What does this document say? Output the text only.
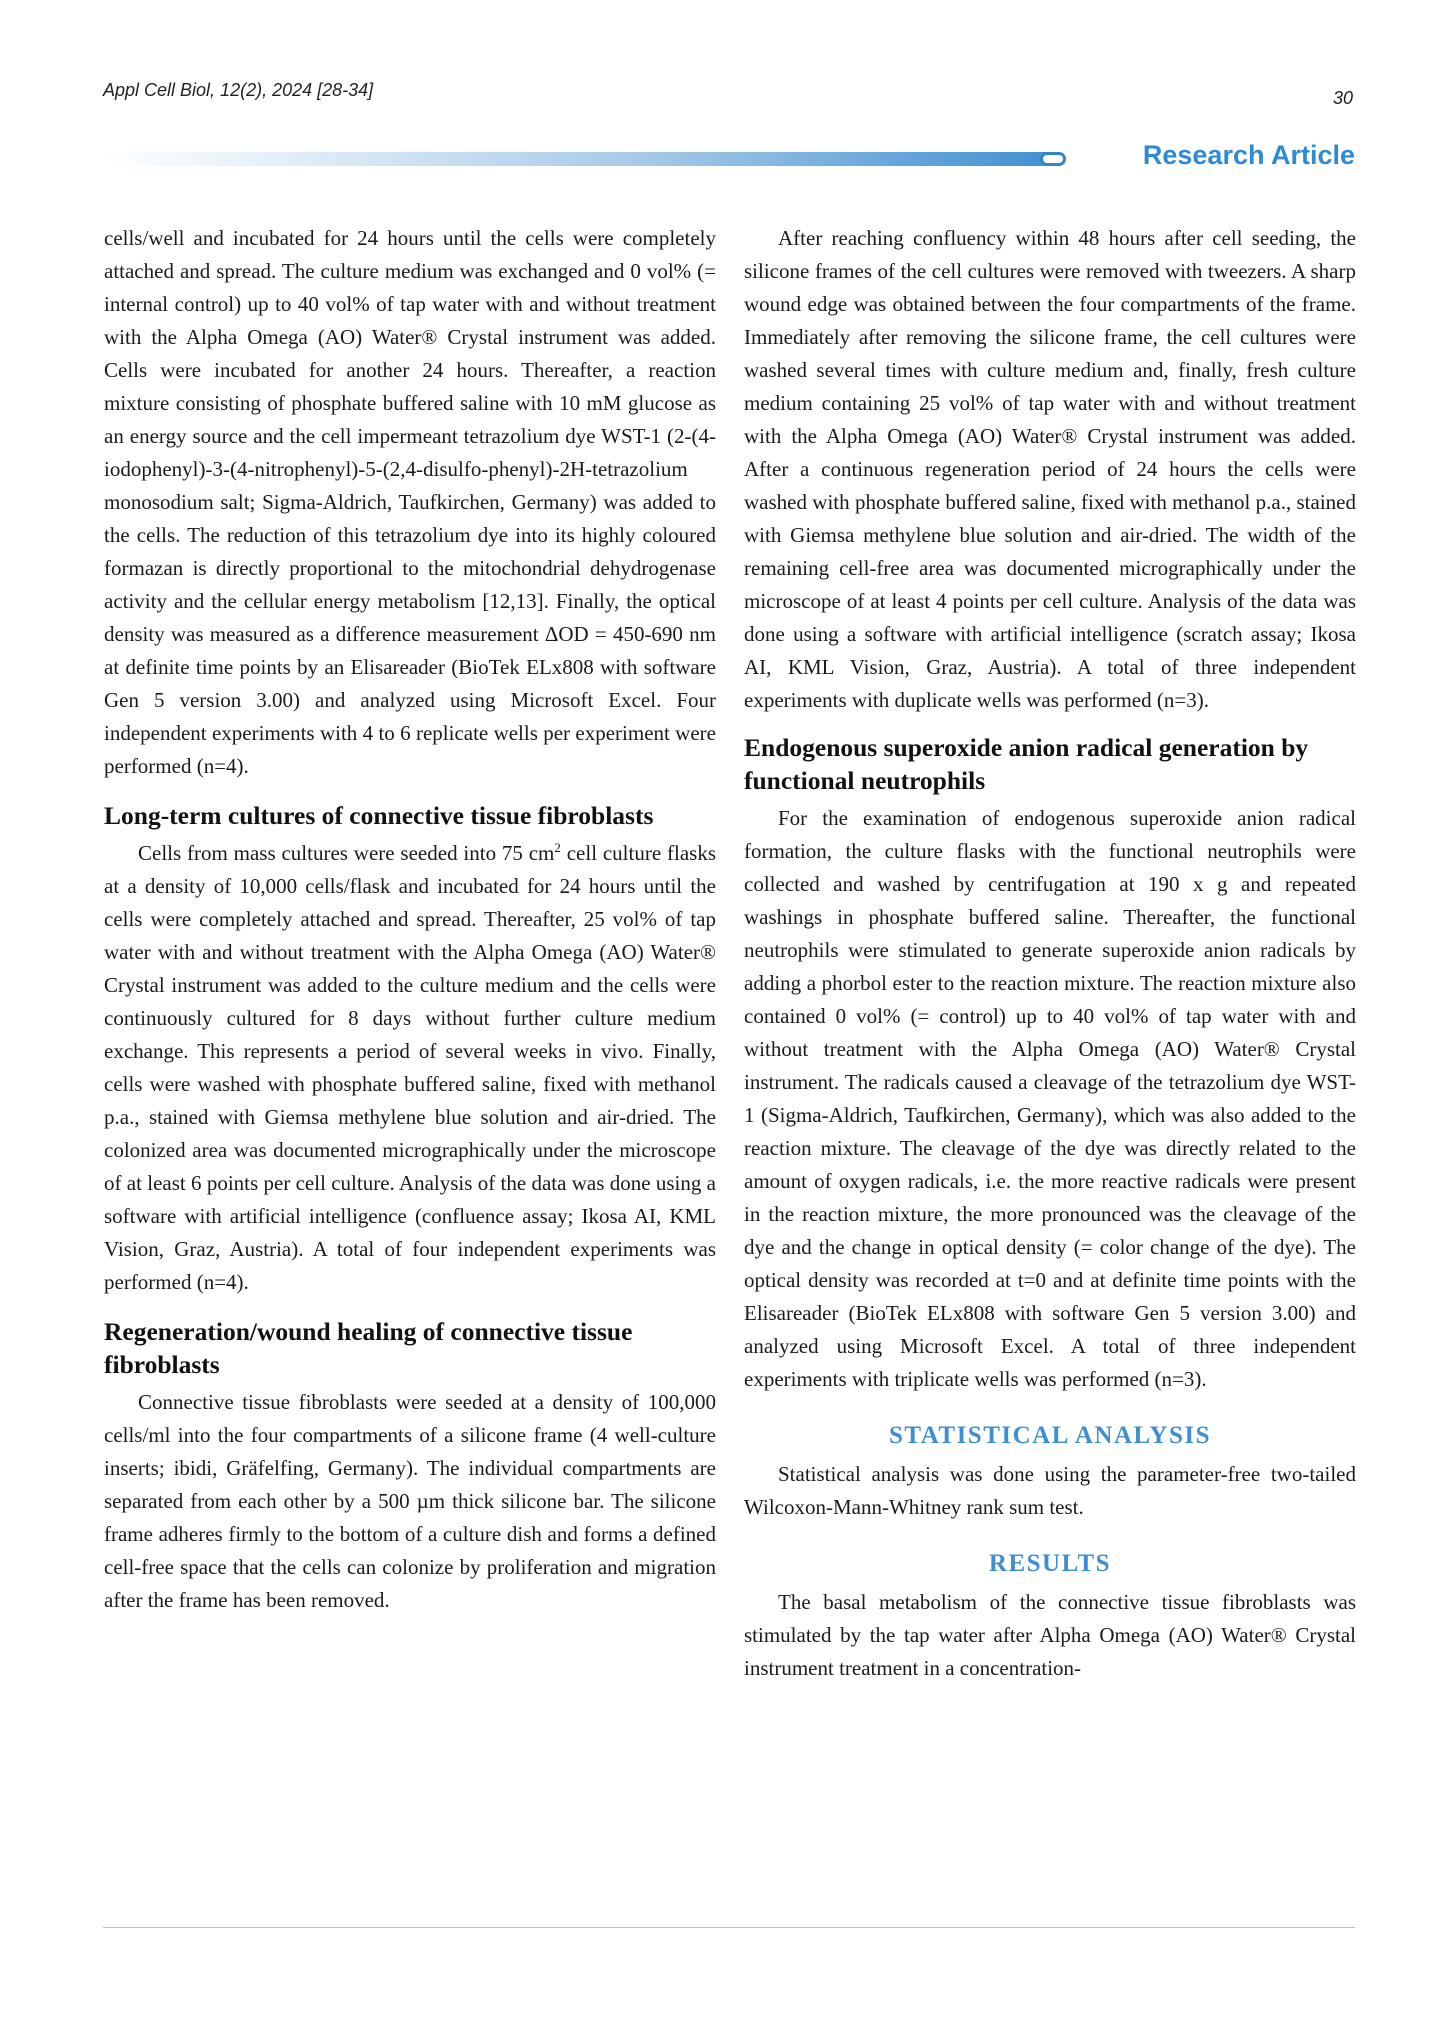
Appl Cell Biol, 12(2), 2024 [28-34]	30
Research Article

cells/well and incubated for 24 hours until the cells were completely attached and spread. The culture medium was exchanged and 0 vol% (= internal control) up to 40 vol% of tap water with and without treatment with the Alpha Omega (AO) Water® Crystal instrument was added. Cells were incubated for another 24 hours. Thereafter, a reaction mixture consisting of phosphate buffered saline with 10 mM glucose as an energy source and the cell impermeant tetrazolium dye WST-1 (2-(4-iodophenyl)-3-(4-nitrophenyl)-5-(2,4-disulfo-phenyl)-2H-tetrazolium monosodium salt; Sigma-Aldrich, Taufkirchen, Germany) was added to the cells. The reduction of this tetrazolium dye into its highly coloured formazan is directly proportional to the mitochondrial dehydrogenase activity and the cellular energy metabolism [12,13]. Finally, the optical density was measured as a difference measurement ΔOD = 450-690 nm at definite time points by an Elisareader (BioTek ELx808 with software Gen 5 version 3.00) and analyzed using Microsoft Excel. Four independent experiments with 4 to 6 replicate wells per experiment were performed (n=4).

Long-term cultures of connective tissue fibroblasts

Cells from mass cultures were seeded into 75 $cm^2$ cell culture flasks at a density of 10,000 cells/flask and incubated for 24 hours until the cells were completely attached and spread. Thereafter, 25 vol% of tap water with and without treatment with the Alpha Omega (AO) Water® Crystal instrument was added to the culture medium and the cells were continuously cultured for 8 days without further culture medium exchange. This represents a period of several weeks in vivo. Finally, cells were washed with phosphate buffered saline, fixed with methanol p.a., stained with Giemsa methylene blue solution and air-dried. The colonized area was documented micrographically under the microscope of at least 6 points per cell culture. Analysis of the data was done using a software with artificial intelligence (confluence assay; Ikosa AI, KML Vision, Graz, Austria). A total of four independent experiments was performed (n=4).

Regeneration/wound healing of connective tissue fibroblasts

Connective tissue fibroblasts were seeded at a density of 100,000 cells/ml into the four compartments of a silicone frame (4 well-culture inserts; ibidi, Gräfelfing, Germany). The individual compartments are separated from each other by a 500 µm thick silicone bar. The silicone frame adheres firmly to the bottom of a culture dish and forms a defined cell-free space that the cells can colonize by proliferation and migration after the frame has been removed.

After reaching confluency within 48 hours after cell seeding, the silicone frames of the cell cultures were removed with tweezers. A sharp wound edge was obtained between the four compartments of the frame. Immediately after removing the silicone frame, the cell cultures were washed several times with culture medium and, finally, fresh culture medium containing 25 vol% of tap water with and without treatment with the Alpha Omega (AO) Water® Crystal instrument was added. After a continuous regeneration period of 24 hours the cells were washed with phosphate buffered saline, fixed with methanol p.a., stained with Giemsa methylene blue solution and air-dried. The width of the remaining cell-free area was documented micrographically under the microscope of at least 4 points per cell culture. Analysis of the data was done using a software with artificial intelligence (scratch assay; Ikosa AI, KML Vision, Graz, Austria). A total of three independent experiments with duplicate wells was performed (n=3).

Endogenous superoxide anion radical generation by functional neutrophils

For the examination of endogenous superoxide anion radical formation, the culture flasks with the functional neutrophils were collected and washed by centrifugation at 190 x g and repeated washings in phosphate buffered saline. Thereafter, the functional neutrophils were stimulated to generate superoxide anion radicals by adding a phorbol ester to the reaction mixture. The reaction mixture also contained 0 vol% (= control) up to 40 vol% of tap water with and without treatment with the Alpha Omega (AO) Water® Crystal instrument. The radicals caused a cleavage of the tetrazolium dye WST-1 (Sigma-Aldrich, Taufkirchen, Germany), which was also added to the reaction mixture. The cleavage of the dye was directly related to the amount of oxygen radicals, i.e. the more reactive radicals were present in the reaction mixture, the more pronounced was the cleavage of the dye and the change in optical density (= color change of the dye). The optical density was recorded at t=0 and at definite time points with the Elisareader (BioTek ELx808 with software Gen 5 version 3.00) and analyzed using Microsoft Excel. A total of three independent experiments with triplicate wells was performed (n=3).

STATISTICAL ANALYSIS

Statistical analysis was done using the parameter-free two-tailed Wilcoxon-Mann-Whitney rank sum test.

RESULTS

The basal metabolism of the connective tissue fibroblasts was stimulated by the tap water after Alpha Omega (AO) Water® Crystal instrument treatment in a concentration-
